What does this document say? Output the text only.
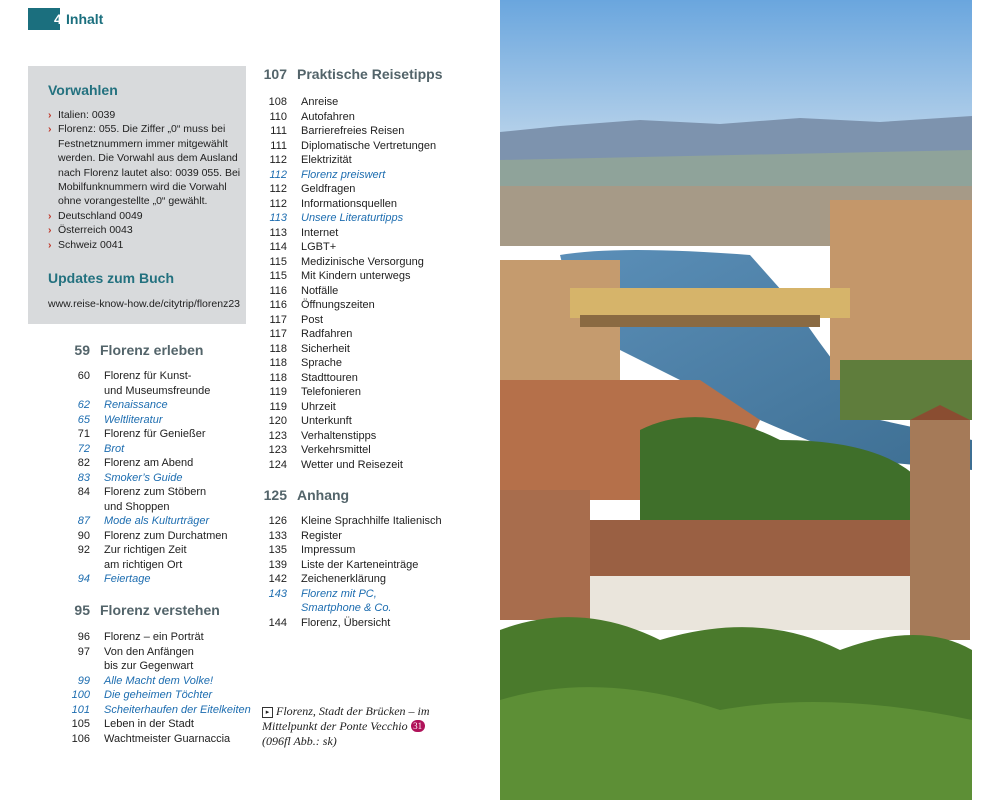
4 Inhalt
Vorwahlen
› Italien: 0039
› Florenz: 055. Die Ziffer „0“ muss bei Festnetznummern immer mitgewählt werden. Die Vorwahl aus dem Ausland nach Florenz lautet also: 0039 055. Bei Mobilfunknummern wird die Vorwahl ohne vorangestellte „0“ gewählt.
› Deutschland 0049
› Österreich 0043
› Schweiz 0041
Updates zum Buch
www.reise-know-how.de/citytrip/florenz23
59 Florenz erleben
60 Florenz für Kunst-
und Museumsfreunde
62 Renaissance
65 Weltliteratur
71 Florenz für Genießer
72 Brot
82 Florenz am Abend
83 Smoker’s Guide
84 Florenz zum Stöbern
und Shoppen
87 Mode als Kulturträger
90 Florenz zum Durchatmen
92 Zur richtigen Zeit
am richtigen Ort
94 Feiertage
95 Florenz verstehen
96 Florenz – ein Porträt
97 Von den Anfängen
bis zur Gegenwart
99 Alle Macht dem Volke!
100 Die geheimen Töchter
101 Scheiterhaufen der Eitelkeiten
105 Leben in der Stadt
106 Wachtmeister Guarnaccia
107 Praktische Reisetipps
108 Anreise
110 Autofahren
111 Barrierefreies Reisen
111 Diplomatische Vertretungen
112 Elektrizität
112 Florenz preiswert
112 Geldfragen
112 Informationsquellen
113 Unsere Literaturtipps
113 Internet
114 LGBT+
115 Medizinische Versorgung
115 Mit Kindern unterwegs
116 Notfälle
116 Öffnungszeiten
117 Post
117 Radfahren
118 Sicherheit
118 Sprache
118 Stadttouren
119 Telefonieren
119 Uhrzeit
120 Unterkunft
123 Verhaltenstipps
123 Verkehrsmittel
124 Wetter und Reisezeit
125 Anhang
126 Kleine Sprachhilfe Italienisch
133 Register
135 Impressum
139 Liste der Karteneinträge
142 Zeichenerklärung
143 Florenz mit PC,
Smartphone & Co.
144 Florenz, Übersicht
▸ Florenz, Stadt der Brücken – im Mittelpunkt der Ponte Vecchio 31
(096fl Abb.: sk)
